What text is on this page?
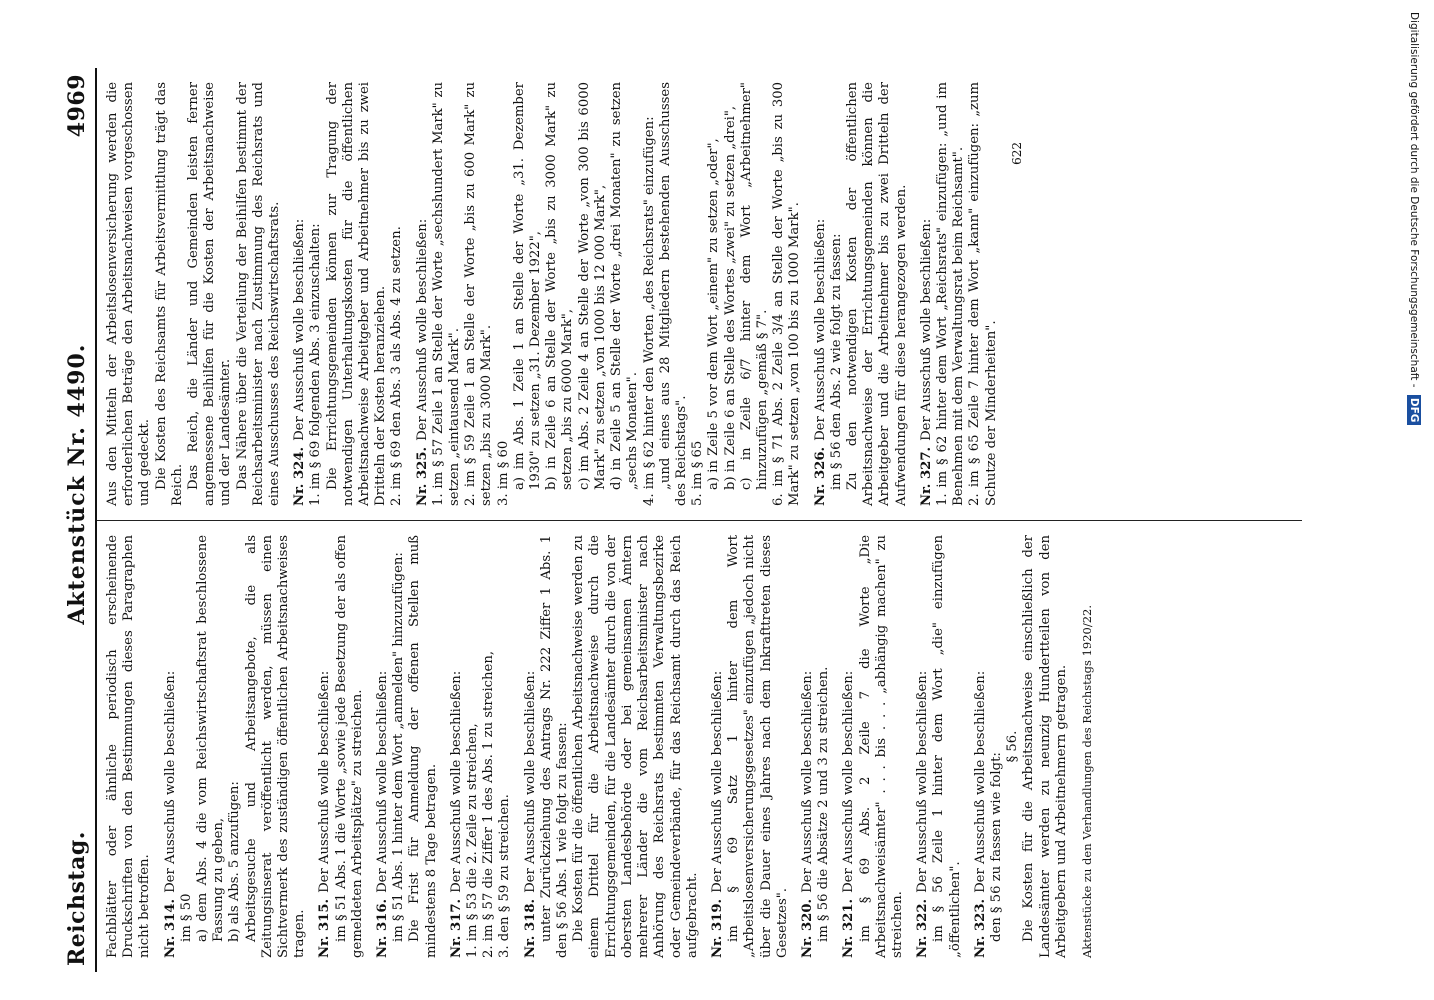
Reichstag.
Aktenstück Nr. 4490.
4969

Fachblätter oder ähnliche periodisch erscheinende Druckschriften von den Bestimmungen dieses Paragraphen nicht betroffen. Nr. 314.Der Ausschuß wolle beschließen:

im § 50 a) dem Abs. 4 die vom Reichswirtschaftsrat beschlossene Fassung zu geben, b) als Abs. 5 anzufügen: Arbeitsgesuche und Arbeitsangebote, die als Zeitungsinserat veröffentlicht werden, müssen einen Sichtvermerk des zuständigen öffentlichen Arbeitsnachweises tragen. Nr. 315.Der Ausschuß wolle beschließen: im § 51 Abs. 1 die Worte „sowie jede Besetzung der als offen gemeldeten Arbeitsplätze" zu streichen. Nr. 316.Der Ausschuß wolle beschließen: im § 51 Abs. 1 hinter dem Wort „anmelden" hinzuzufügen: Die Frist für Anmeldung der offenen Stellen muß mindestens 8 Tage betragen. Nr. 317.Der Ausschuß wolle beschließen: 1. im § 53 die 2. Zeile zu streichen, 2. im § 57 die Ziffer 1 des Abs. 1 zu streichen, 3. den § 59 zu streichen. Nr. 318.Der Ausschuß wolle beschließen: unter Zurückziehung des Antrags Nr. 222 Ziffer 1 Abs. 1 den § 56 Abs. 1 wie folgt zu fassen: Die Kosten für die öffentlichen Arbeitsnachweise werden zu einem Drittel für die Arbeitsnachweise durch die Errichtungsgemeinden, für die Landesämter durch die von der obersten Landesbehörde oder bei gemeinsamen Ämtern mehrerer Länder die vom Reichsarbeitsminister nach Anhörung des Reichsrats bestimmten Verwaltungsbezirke oder Gemeindeverbände, für das Reichsamt durch das Reich aufgebracht. Nr. 319.Der Ausschuß wolle beschließen: im § 69 Satz 1 hinter dem Wort „Arbeitslosenversicherungsgesetzes" einzufügen „jedoch nicht über die Dauer eines Jahres nach dem Inkrafttreten dieses Gesetzes". Nr. 320.Der Ausschuß wolle beschließen: im § 56 die Absätze 2 und 3 zu streichen. Nr. 321.Der Ausschuß wolle beschließen: im § 69 Abs. 2 Zeile 7 die Worte „Die Arbeitsnachweisämter" . . . bis . . . „abhängig machen" zu streichen. Nr. 322.Der Ausschuß wolle beschließen: im § 56 Zeile 1 hinter dem Wort „die" einzufügen „öffentlichen". Nr. 323.Der Ausschuß wolle beschließen: den § 56 zu fassen wie folgt:

§ 56. Die Kosten für die Arbeitsnachweise einschließlich der Landesämter werden zu neunzig Hundertteilen von den Arbeitgebern und Arbeitnehmern getragen. Aktenstücke zu den Verhandlungen des Reichstags 1920/22.

Aus den Mitteln der Arbeitslosenversicherung werden die erforderlichen Beträge den Arbeitsnachweisen vorgeschossen und gedeckt. Die Kosten des Reichsamts für Arbeitsvermittlung trägt das Reich. Das Reich, die Länder und Gemeinden leisten ferner angemessene Beihilfen für die Kosten der Arbeitsnachweise und der Landesämter. Das Nähere über die Verteilung der Beihilfen bestimmt der Reichsarbeitsminister nach Zustimmung des Reichsrats und eines Ausschusses des Reichswirtschaftsrats. Nr. 324.Der Ausschuß wolle beschließen: 1. im § 69 folgenden Abs. 3 einzuschalten: Die Errichtungsgemeinden können zur Tragung der notwendigen Unterhaltungskosten für die öffentlichen Arbeitsnachweise Arbeitgeber und Arbeitnehmer bis zu zwei Dritteln der Kosten heranziehen. 2. im § 69 den Abs. 3 als Abs. 4 zu setzen. Nr. 325.Der Ausschuß wolle beschließen: 1. im § 57 Zeile 1 an Stelle der Worte „sechshundert Mark" zu setzen „eintausend Mark". 2. im § 59 Zeile 1 an Stelle der Worte „bis zu 600 Mark" zu setzen „bis zu 3000 Mark". 3. im § 60 a) im Abs. 1 Zeile 1 an Stelle der Worte „31. Dezember 1930" zu setzen „31. Dezember 1922", b) in Zeile 6 an Stelle der Worte „bis zu 3000 Mark" zu setzen „bis zu 6000 Mark", c) im Abs. 2 Zeile 4 an Stelle der Worte „von 300 bis 6000 Mark" zu setzen „von 1000 bis 12 000 Mark", d) in Zeile 5 an Stelle der Worte „drei Monaten" zu setzen „sechs Monaten". 4. im § 62 hinter den Worten „des Reichsrats" einzufügen: „und eines aus 28 Mitgliedern bestehenden Ausschusses des Reichstags". 5. im § 65 a) in Zeile 5 vor dem Wort „einem" zu setzen „oder", b) in Zeile 6 an Stelle des Wortes „zwei" zu setzen „drei", c) in Zeile 6/7 hinter dem Wort „Arbeitnehmer" hinzuzufügen „gemäß § 7". 6. im § 71 Abs. 2 Zeile 3/4 an Stelle der Worte „bis zu 300 Mark" zu setzen „von 100 bis zu 1000 Mark". Nr. 326.Der Ausschuß wolle beschließen: im § 56 den Abs. 2 wie folgt zu fassen: Zu den notwendigen Kosten der öffentlichen Arbeitsnachweise der Errichtungsgemeinden können die Arbeitgeber und die Arbeitnehmer bis zu zwei Dritteln der Aufwendungen für diese herangezogen werden. Nr. 327.Der Ausschuß wolle beschließen: 1. im § 62 hinter dem Wort „Reichsrats" einzufügen: „und im Benehmen mit dem Verwaltungsrat beim Reichsamt". 2. im § 65 Zeile 7 hinter dem Wort „kann" einzufügen: „zum Schutze der Minderheiten".

622	Digitalisierung gefördert durch die Deutsche Forschungsgemeinschaft - DFG
